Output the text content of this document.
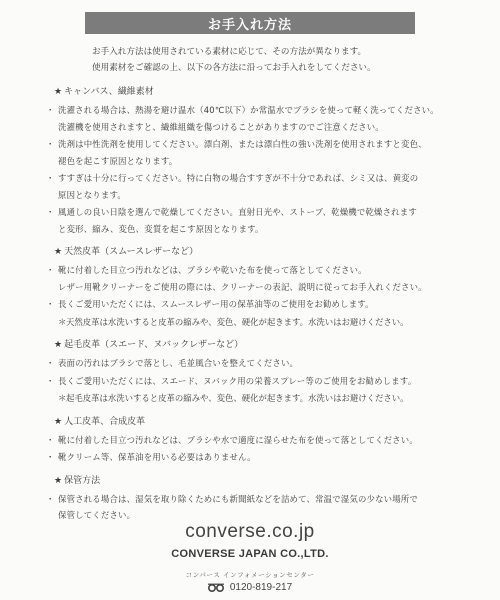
お手入れ方法
お手入れ方法は使用されている素材に応じて、その方法が異なります。
使用素材をご確認の上、以下の各方法に沿ってお手入れをしてください。
★ キャンバス、繊維素材
・ 洗濯される場合は、熱湯を避け温水（40℃以下）か常温水でブラシを使って軽く洗ってください。
洗濯機を使用されますと、繊維組織を傷つけることがありますのでご注意ください。
・ 洗剤は中性洗剤を使用してください。漂白剤、または漂白性の強い洗剤を使用されますと変色、
褪色を起こす原因となります。
・ すすぎは十分に行ってください。特に白物の場合すすぎが不十分であれば、シミ又は、黄変の
原因となります。
・ 風通しの良い日陰を選んで乾燥してください。直射日光や、ストーブ、乾燥機で乾燥されます
と変形、縮み、変色、変質を起こす原因となります。
★ 天然皮革（スムースレザーなど）
・ 靴に付着した目立つ汚れなどは、ブラシや乾いた布を使って落としてください。
レザー用靴クリーナーをご使用の際には、クリーナーの表記、説明に従ってお手入れください。
・ 長くご愛用いただくには、スムースレザー用の保革油等のご使用をお勧めします。
＊ 天然皮革は水洗いすると皮革の縮みや、変色、硬化が起きます。水洗いはお避けください。
★ 起毛皮革（スエード、ヌバックレザーなど）
・ 表面の汚れはブラシで落とし、毛並風合いを整えてください。
・ 長くご愛用いただくには、スエード、ヌバック用の栄養スプレー等のご使用をお勧めします。
＊ 起毛皮革は水洗いすると皮革の縮みや、変色、硬化が起きます。水洗いはお避けください。
★ 人工皮革、合成皮革
・ 靴に付着した目立つ汚れなどは、ブラシや水で適度に湿らせた布を使って落としてください。
・ 靴クリーム等、保革油を用いる必要はありません。
★ 保管方法
・ 保管される場合は、湿気を取り除くためにも新聞紙などを詰めて、常温で湿気の少ない場所で
保管してください。
converse.co.jp
CONVERSE JAPAN CO.,LTD.
コンバース インフォメーションセンター
0120-819-217
